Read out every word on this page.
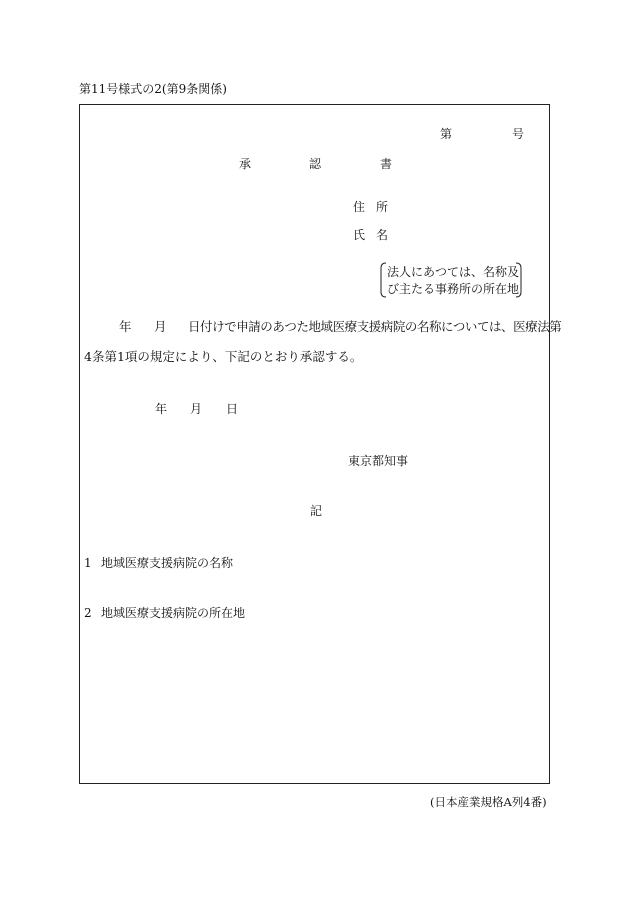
第11号様式の2(第9条関係)
第	号
承	認	書
住 所
氏 名
法人にあつては、名称及
び主たる事務所の所在地
年 月 日付けで申請のあつた地域医療支援病院の名称については、医療法第
4条第1項の規定により、下記のとおり承認する。
年 月 日
東京都知事
記
1 地域医療支援病院の名称
2 地域医療支援病院の所在地
(日本産業規格A列4番)
